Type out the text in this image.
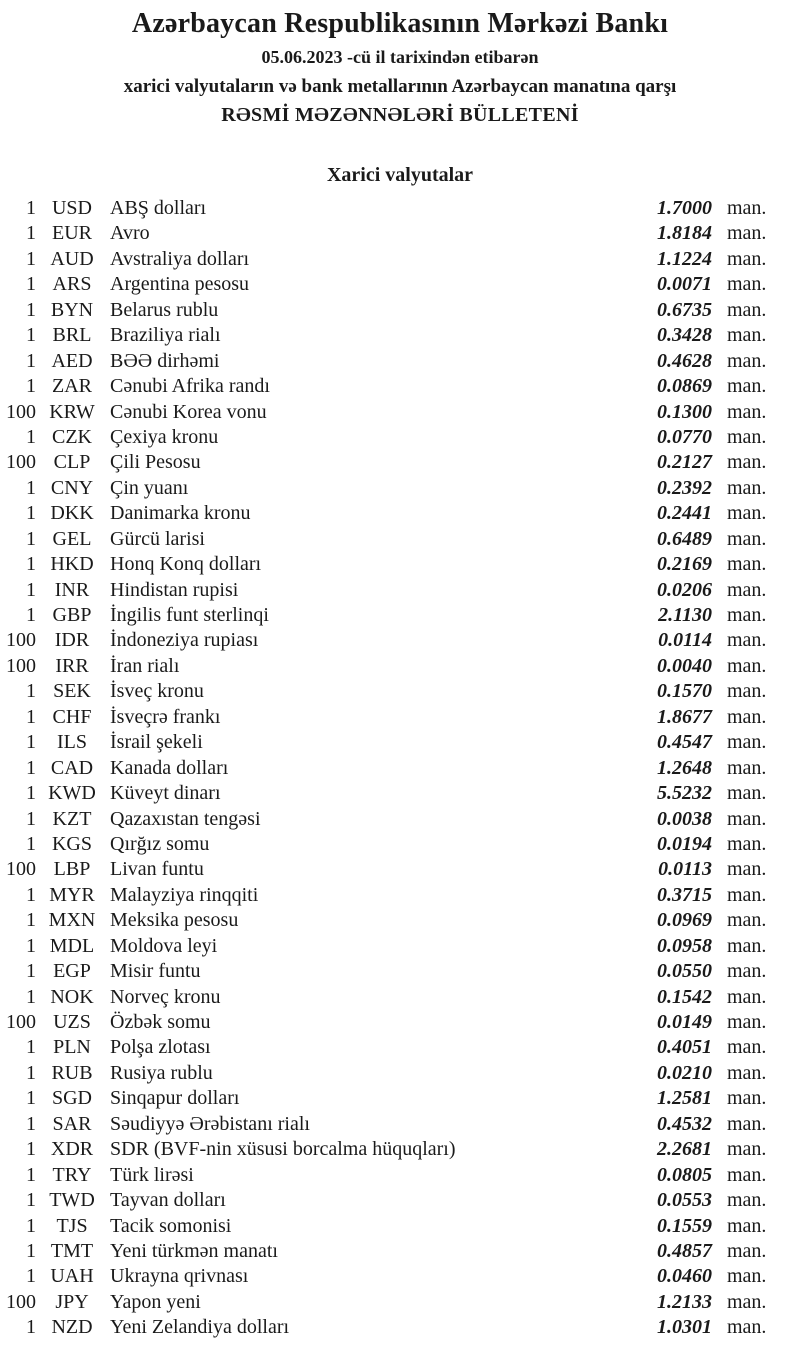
Azərbaycan Respublikasının Mərkəzi Bankı
05.06.2023 -cü il tarixindən etibarən
xarici valyutaların və bank metallarının Azərbaycan manatına qarşı
RƏSMİ MƏZƏNNƏLƏRİ BÜLLETENİ
Xarici valyutalar
1 USD ABŞ dolları	1.7000 man.
1 EUR Avro	1.8184 man.
1 AUD Avstraliya dolları	1.1224 man.
1 ARS Argentina pesosu	0.0071 man.
1 BYN Belarus rublu	0.6735 man.
1 BRL Braziliya rialı	0.3428 man.
1 AED BƏƏ dirhəmi	0.4628 man.
1 ZAR Cənubi Afrika randı	0.0869 man.
100 KRW Cənubi Korea vonu	0.1300 man.
1 CZK Çexiya kronu	0.0770 man.
100 CLP Çili Pesosu	0.2127 man.
1 CNY Çin yuanı	0.2392 man.
1 DKK Danimarka kronu	0.2441 man.
1 GEL Gürcü larisi	0.6489 man.
1 HKD Honq Konq dolları	0.2169 man.
1 INR	Hindistan rupisi	0.0206 man.
1 GBP İngilis funt sterlinqi	2.1130 man.
100 IDR	İndoneziya rupiası	0.0114 man.
100 IRR	İran rialı	0.0040 man.
1 SEK İsveç kronu	0.1570 man.
1 CHF İsveçrə frankı	1.8677 man.
1	ILS	İsrail şekeli	0.4547 man.
1 CAD Kanada dolları	1.2648 man.
1 KWD Küveyt dinarı	5.5232 man.
1 KZT Qazaxıstan tengəsi	0.0038 man.
1 KGS Qırğız somu	0.0194 man.
100 LBP Livan funtu	0.0113 man.
1 MYR Malayziya rinqqiti	0.3715 man.
1 MXN Meksika pesosu	0.0969 man.
1 MDL Moldova leyi	0.0958 man.
1 EGP Misir funtu	0.0550 man.
1 NOK Norveç kronu	0.1542 man.
100 UZS Özbək somu	0.0149 man.
1 PLN Polşa zlotası	0.4051 man.
1 RUB Rusiya rublu	0.0210 man.
1 SGD Sinqapur dolları	1.2581 man.
1 SAR Səudiyyə Ərəbistanı rialı	0.4532 man.
1 XDR SDR (BVF-nin xüsusi borcalma hüquqları)	2.2681 man.
1 TRY Türk lirəsi	0.0805 man.
1 TWD Tayvan dolları	0.0553 man.
1	TJS	Tacik somonisi	0.1559 man.
1 TMT Yeni türkmən manatı	0.4857 man.
1 UAH Ukrayna qrivnası	0.0460 man.
100 JPY	Yapon yeni	1.2133 man.
1 NZD Yeni Zelandiya dolları	1.0301 man.
